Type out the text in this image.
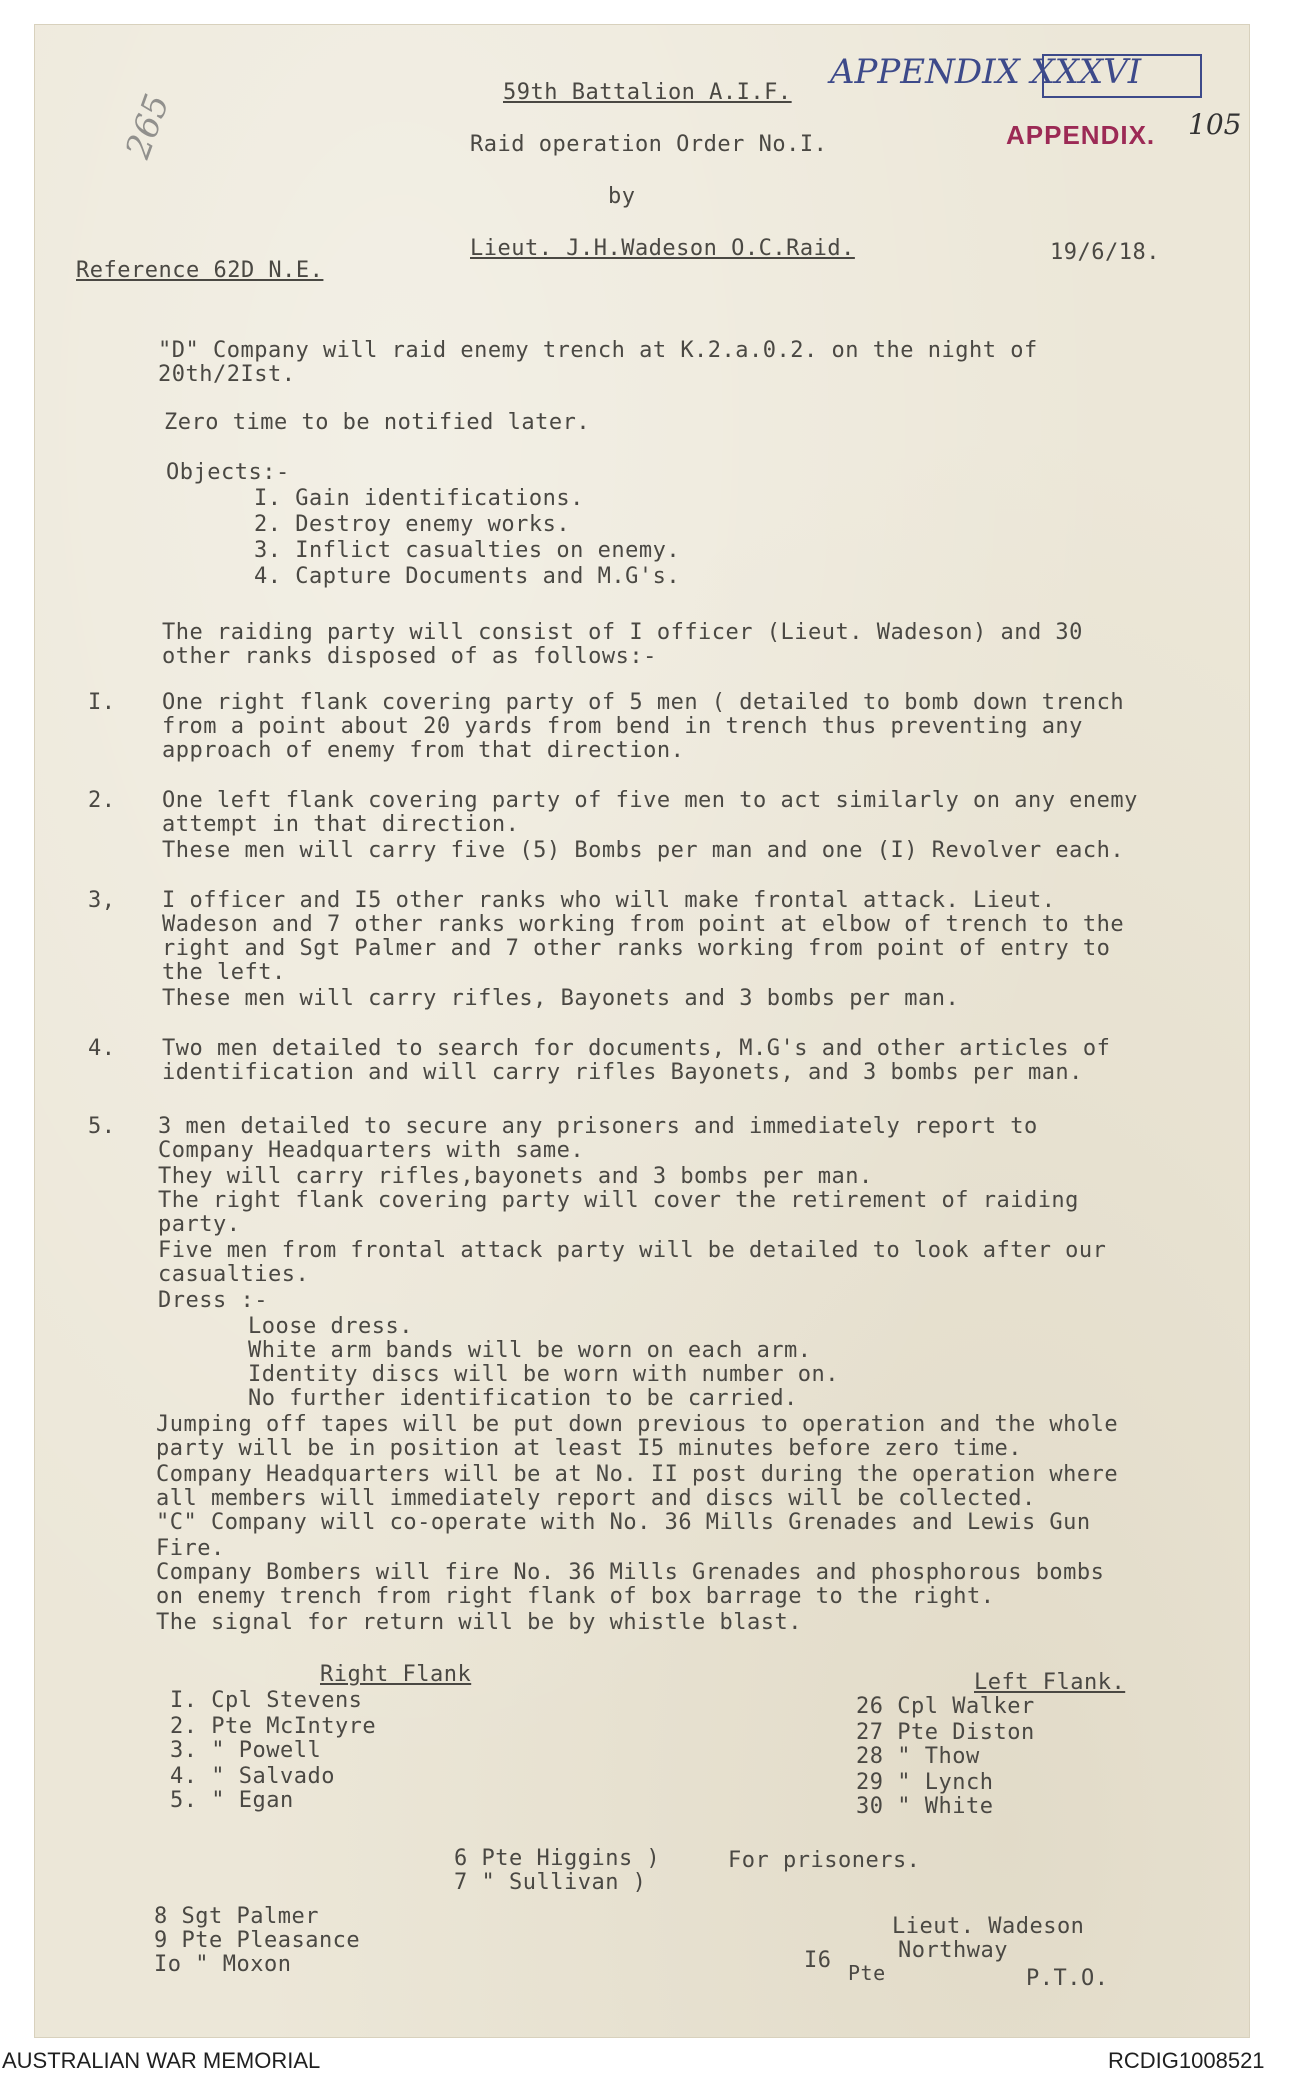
APPENDIX XXXVI
APPENDIX. 105
265	59th Battalion A.I.F.
Raid operation Order No.I.
by
Lieut. J.H.Wadeson O.C.Raid.	19/6/18.
Reference 62D N.E.
"D" Company will raid enemy trench at K.2.a.0.2. on the night of
20th/2Ist.
Zero time to be notified later.
Objects:-
I. Gain identifications.
2. Destroy enemy works.
3. Inflict casualties on enemy.
4. Capture Documents and M.G's.
The raiding party will consist of I officer (Lieut. Wadeson) and 30
other ranks disposed of as follows:-
I. One right flank covering party of 5 men ( detailed to bomb down trench
from a point about 20 yards from bend in trench thus preventing any
approach of enemy from that direction.
2. One left flank covering party of five men to act similarly on any enemy
attempt in that direction.
These men will carry five (5) Bombs per man and one (I) Revolver each.
3, I officer and I5 other ranks who will make frontal attack. Lieut.
Wadeson and 7 other ranks working from point at elbow of trench to the
right and Sgt Palmer and 7 other ranks working from point of entry to
the left.
These men will carry rifles, Bayonets and 3 bombs per man.
4. Two men detailed to search for documents, M.G's and other articles of
identification and will carry rifles Bayonets, and 3 bombs per man.
5. 3 men detailed to secure any prisoners and immediately report to
Company Headquarters with same.
They will carry rifles,bayonets and 3 bombs per man.
The right flank covering party will cover the retirement of raiding
party.
Five men from frontal attack party will be detailed to look after our
casualties.
Dress :-
Loose dress.
White arm bands will be worn on each arm.
Identity discs will be worn with number on.
No further identification to be carried.
Jumping off tapes will be put down previous to operation and the whole
party will be in position at least I5 minutes before zero time.
Company Headquarters will be at No. II post during the operation where
all members will immediately report and discs will be collected.
"C" Company will co-operate with No. 36 Mills Grenades and Lewis Gun
Fire.
Company Bombers will fire No. 36 Mills Grenades and phosphorous bombs
on enemy trench from right flank of box barrage to the right.
The signal for return will be by whistle blast.
Right Flank
I. Cpl Stevens
2. Pte McIntyre
3. " Powell
4. " Salvado
5. " Egan
Left Flank.
26 Cpl Walker
27 Pte Diston
28 " Thow
29 " Lynch
30 " White
6 Pte Higgins )
7 " Sullivan )
For prisoners.
8 Sgt Palmer
9 Pte Pleasance
Io " Moxon
Lieut. Wadeson
Northway
I6 Pte	P.T.O.
AUSTRALIAN WAR MEMORIAL	RCDIG1008521
